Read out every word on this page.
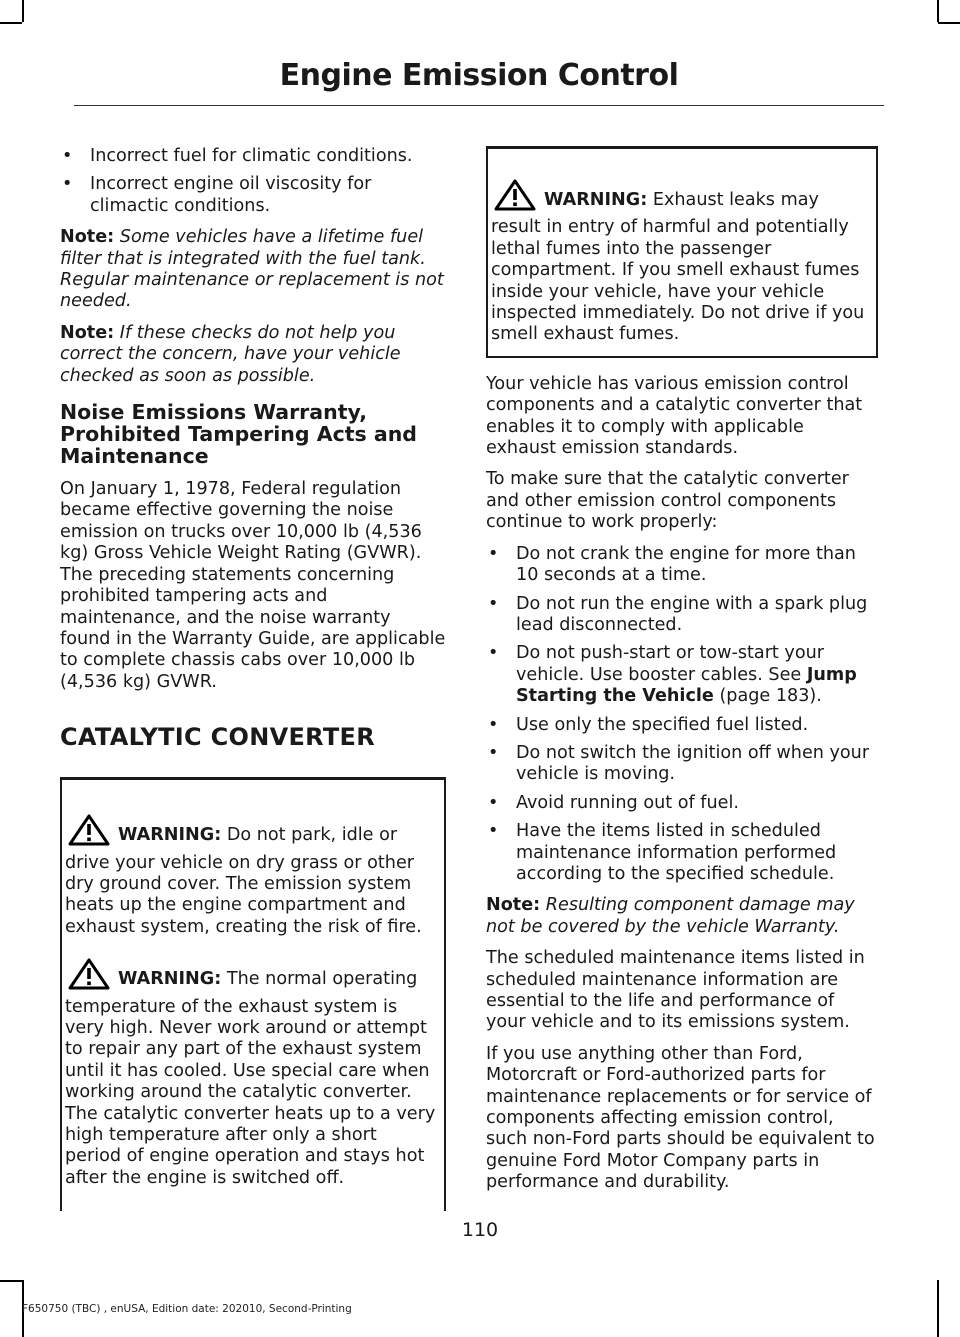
Engine Emission Control
• Incorrect fuel for climatic conditions.
• Incorrect engine oil viscosity for climactic conditions.

Note: Some vehicles have a lifetime fuel filter that is integrated with the fuel tank. Regular maintenance or replacement is not needed.

Note: If these checks do not help you correct the concern, have your vehicle checked as soon as possible.

Noise Emissions Warranty, Prohibited Tampering Acts and Maintenance

On January 1, 1978, Federal regulation became effective governing the noise emission on trucks over 10,000 lb (4,536 kg) Gross Vehicle Weight Rating (GVWR). The preceding statements concerning prohibited tampering acts and maintenance, and the noise warranty found in the Warranty Guide, are applicable to complete chassis cabs over 10,000 lb (4,536 kg) GVWR.

CATALYTIC CONVERTER

WARNING: Do not park, idle or drive your vehicle on dry grass or other dry ground cover. The emission system heats up the engine compartment and exhaust system, creating the risk of fire.

WARNING: The normal operating temperature of the exhaust system is very high. Never work around or attempt to repair any part of the exhaust system until it has cooled. Use special care when working around the catalytic converter. The catalytic converter heats up to a very high temperature after only a short period of engine operation and stays hot after the engine is switched off.

WARNING: Exhaust leaks may result in entry of harmful and potentially lethal fumes into the passenger compartment. If you smell exhaust fumes inside your vehicle, have your vehicle inspected immediately. Do not drive if you smell exhaust fumes.

Your vehicle has various emission control components and a catalytic converter that enables it to comply with applicable exhaust emission standards.

To make sure that the catalytic converter and other emission control components continue to work properly:

• Do not crank the engine for more than 10 seconds at a time.
• Do not run the engine with a spark plug lead disconnected.
• Do not push-start or tow-start your vehicle. Use booster cables. See Jump Starting the Vehicle (page 183).
• Use only the specified fuel listed.
• Do not switch the ignition off when your vehicle is moving.
• Avoid running out of fuel.
• Have the items listed in scheduled maintenance information performed according to the specified schedule.

Note: Resulting component damage may not be covered by the vehicle Warranty.

The scheduled maintenance items listed in scheduled maintenance information are essential to the life and performance of your vehicle and to its emissions system.

If you use anything other than Ford, Motorcraft or Ford-authorized parts for maintenance replacements or for service of components affecting emission control, such non-Ford parts should be equivalent to genuine Ford Motor Company parts in performance and durability.

110
F650750 (TBC) , enUSA, Edition date: 202010, Second-Printing
